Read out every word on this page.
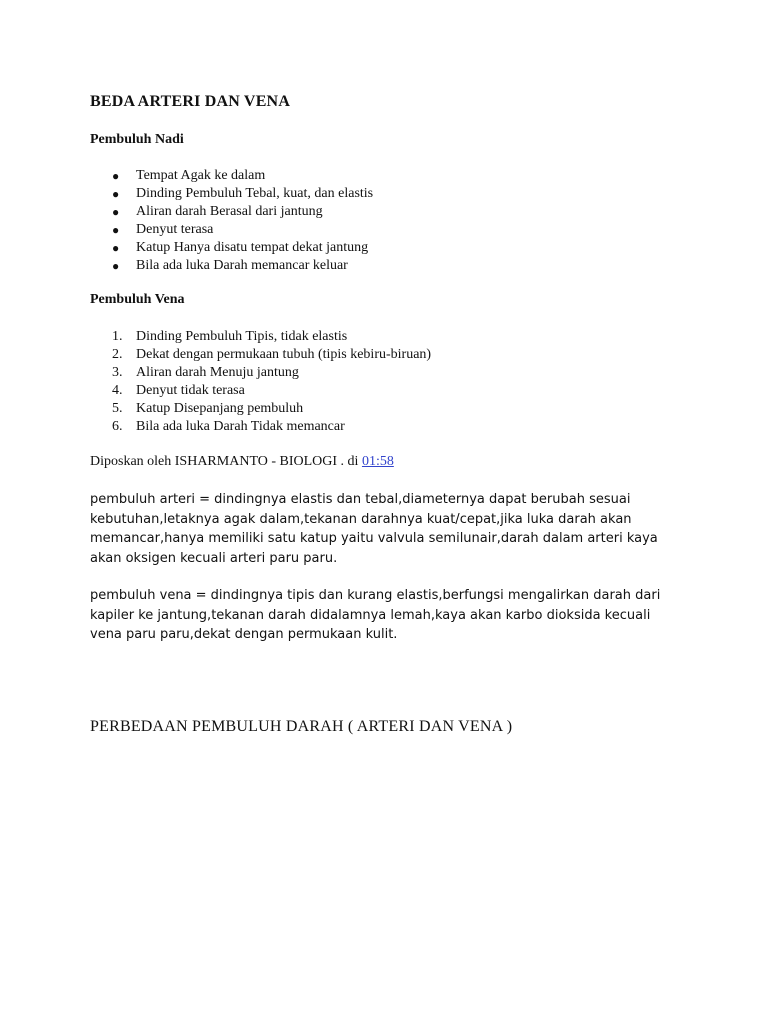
BEDA ARTERI DAN VENA
Pembuluh Nadi
● Tempat Agak ke dalam
● Dinding Pembuluh Tebal, kuat, dan elastis
● Aliran darah Berasal dari jantung
● Denyut terasa
● Katup Hanya disatu tempat dekat jantung
● Bila ada luka Darah memancar keluar
Pembuluh Vena
1. Dinding Pembuluh Tipis, tidak elastis
2. Dekat dengan permukaan tubuh (tipis kebiru-biruan)
3. Aliran darah Menuju jantung
4. Denyut tidak terasa
5. Katup Disepanjang pembuluh
6. Bila ada luka Darah Tidak memancar
Diposkan oleh ISHARMANTO - BIOLOGI . di 01:58
pembuluh arteri = dindingnya elastis dan tebal,diameternya dapat berubah sesuai kebutuhan,letaknya agak dalam,tekanan darahnya kuat/cepat,jika luka darah akan memancar,hanya memiliki satu katup yaitu valvula semilunair,darah dalam arteri kaya akan oksigen kecuali arteri paru paru.
pembuluh vena = dindingnya tipis dan kurang elastis,berfungsi mengalirkan darah dari kapiler ke jantung,tekanan darah didalamnya lemah,kaya akan karbo dioksida kecuali vena paru paru,dekat dengan permukaan kulit.
PERBEDAAN PEMBULUH DARAH ( ARTERI DAN VENA )
